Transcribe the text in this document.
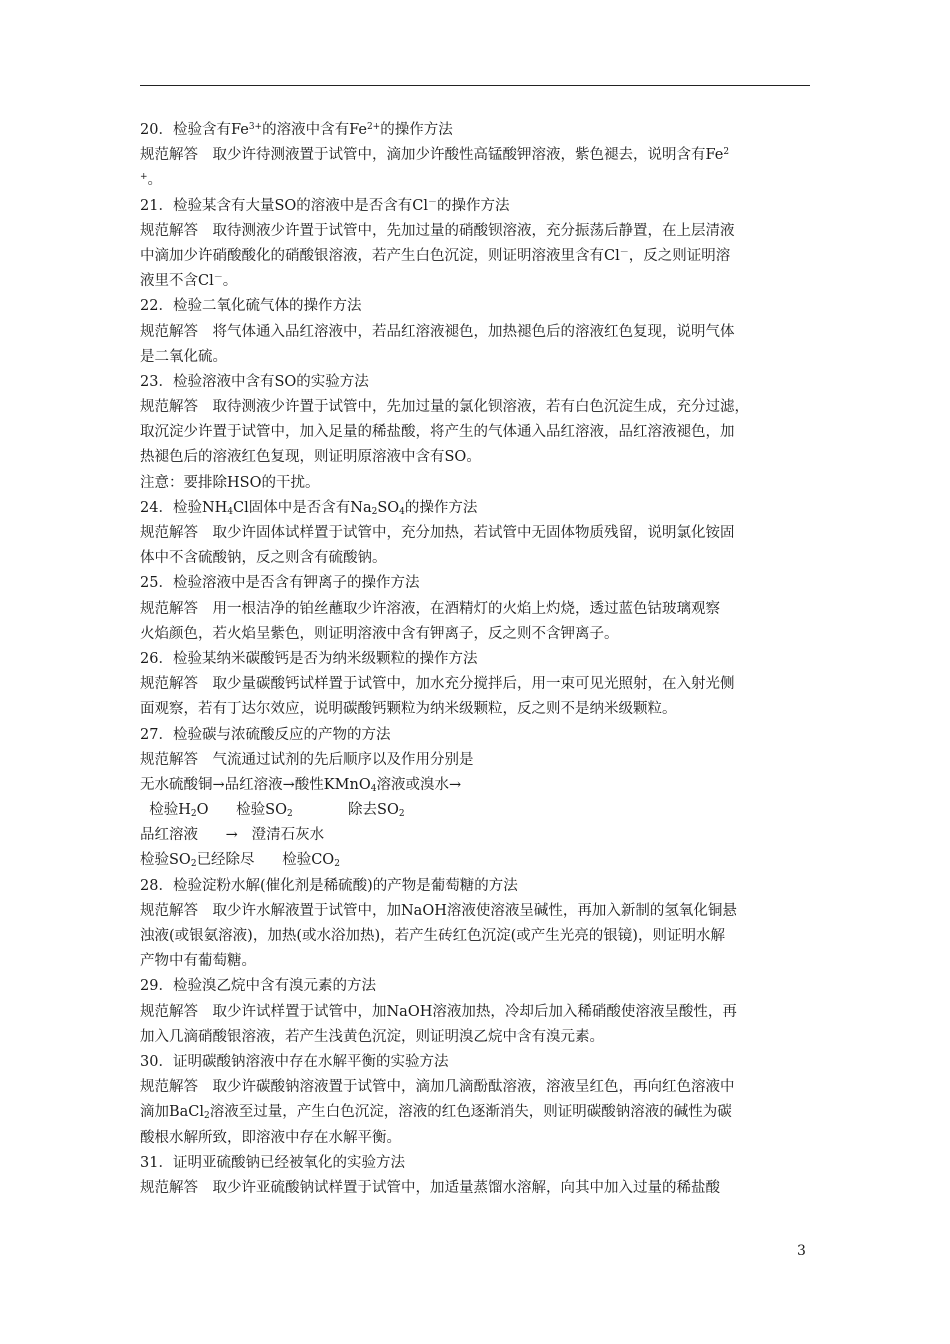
20．检验含有$Fe^{3+}$的溶液中含有$Fe^{2+}$的操作方法
规范解答　取少许待测液置于试管中，滴加少许酸性高锰酸钾溶液，紫色褪去，说明含有Fe$^2$
+。
21．检验某含有大量SO的溶液中是否含有Cl－的操作方法
规范解答　取待测液少许置于试管中，先加过量的硝酸钡溶液，充分振荡后静置，在上层清液
中滴加少许硝酸酸化的硝酸银溶液，若产生白色沉淀，则证明溶液里含有Cl－，反之则证明溶
液里不含Cl－。
22．检验二氧化硫气体的操作方法
规范解答　将气体通入品红溶液中，若品红溶液褪色，加热褪色后的溶液红色复现，说明气体
是二氧化硫。
23．检验溶液中含有SO的实验方法
规范解答　取待测液少许置于试管中，先加过量的氯化钡溶液，若有白色沉淀生成，充分过滤，
取沉淀少许置于试管中，加入足量的稀盐酸，将产生的气体通入品红溶液，品红溶液褪色，加
热褪色后的溶液红色复现，则证明原溶液中含有SO。
注意：要排除HSO的干扰。
24．检验$NH_4Cl$固体中是否含有$Na_2SO_4$的操作方法
规范解答　取少许固体试样置于试管中，充分加热，若试管中无固体物质残留，说明氯化铵固
体中不含硫酸钠，反之则含有硫酸钠。
25．检验溶液中是否含有钾离子的操作方法
规范解答　用一根洁净的铂丝蘸取少许溶液，在酒精灯的火焰上灼烧，透过蓝色钴玻璃观察
火焰颜色，若火焰呈紫色，则证明溶液中含有钾离子，反之则不含钾离子。
26．检验某纳米碳酸钙是否为纳米级颗粒的操作方法
规范解答　取少量碳酸钙试样置于试管中，加水充分搅拌后，用一束可见光照射，在入射光侧
面观察，若有丁达尔效应，说明碳酸钙颗粒为纳米级颗粒，反之则不是纳米级颗粒。
27．检验碳与浓硫酸反应的产物的方法
规范解答　气流通过试剂的先后顺序以及作用分别是
无水硫酸铜→品红溶液→酸性KMnO$_4$溶液或溴水→
检验$H_2O$      检验$SO_2$            除去$SO_2$
品红溶液      →   澄清石灰水
检验$SO_2$已经除尽      检验$CO_2$
28．检验淀粉水解(催化剂是稀硫酸)的产物是葡萄糖的方法
规范解答　取少许水解液置于试管中，加NaOH溶液使溶液呈碱性，再加入新制的氢氧化铜悬
浊液(或银氨溶液)，加热(或水浴加热)，若产生砖红色沉淀(或产生光亮的银镜)，则证明水解
产物中有葡萄糖。
29．检验溴乙烷中含有溴元素的方法
规范解答　取少许试样置于试管中，加NaOH溶液加热，冷却后加入稀硝酸使溶液呈酸性，再
加入几滴硝酸银溶液，若产生浅黄色沉淀，则证明溴乙烷中含有溴元素。
30．证明碳酸钠溶液中存在水解平衡的实验方法
规范解答　取少许碳酸钠溶液置于试管中，滴加几滴酚酞溶液，溶液呈红色，再向红色溶液中
滴加BaCl$_2$溶液至过量，产生白色沉淀，溶液的红色逐渐消失，则证明碳酸钠溶液的碱性为碳
酸根水解所致，即溶液中存在水解平衡。
31．证明亚硫酸钠已经被氧化的实验方法
规范解答　取少许亚硫酸钠试样置于试管中，加适量蒸馏水溶解，向其中加入过量的稀盐酸
3
